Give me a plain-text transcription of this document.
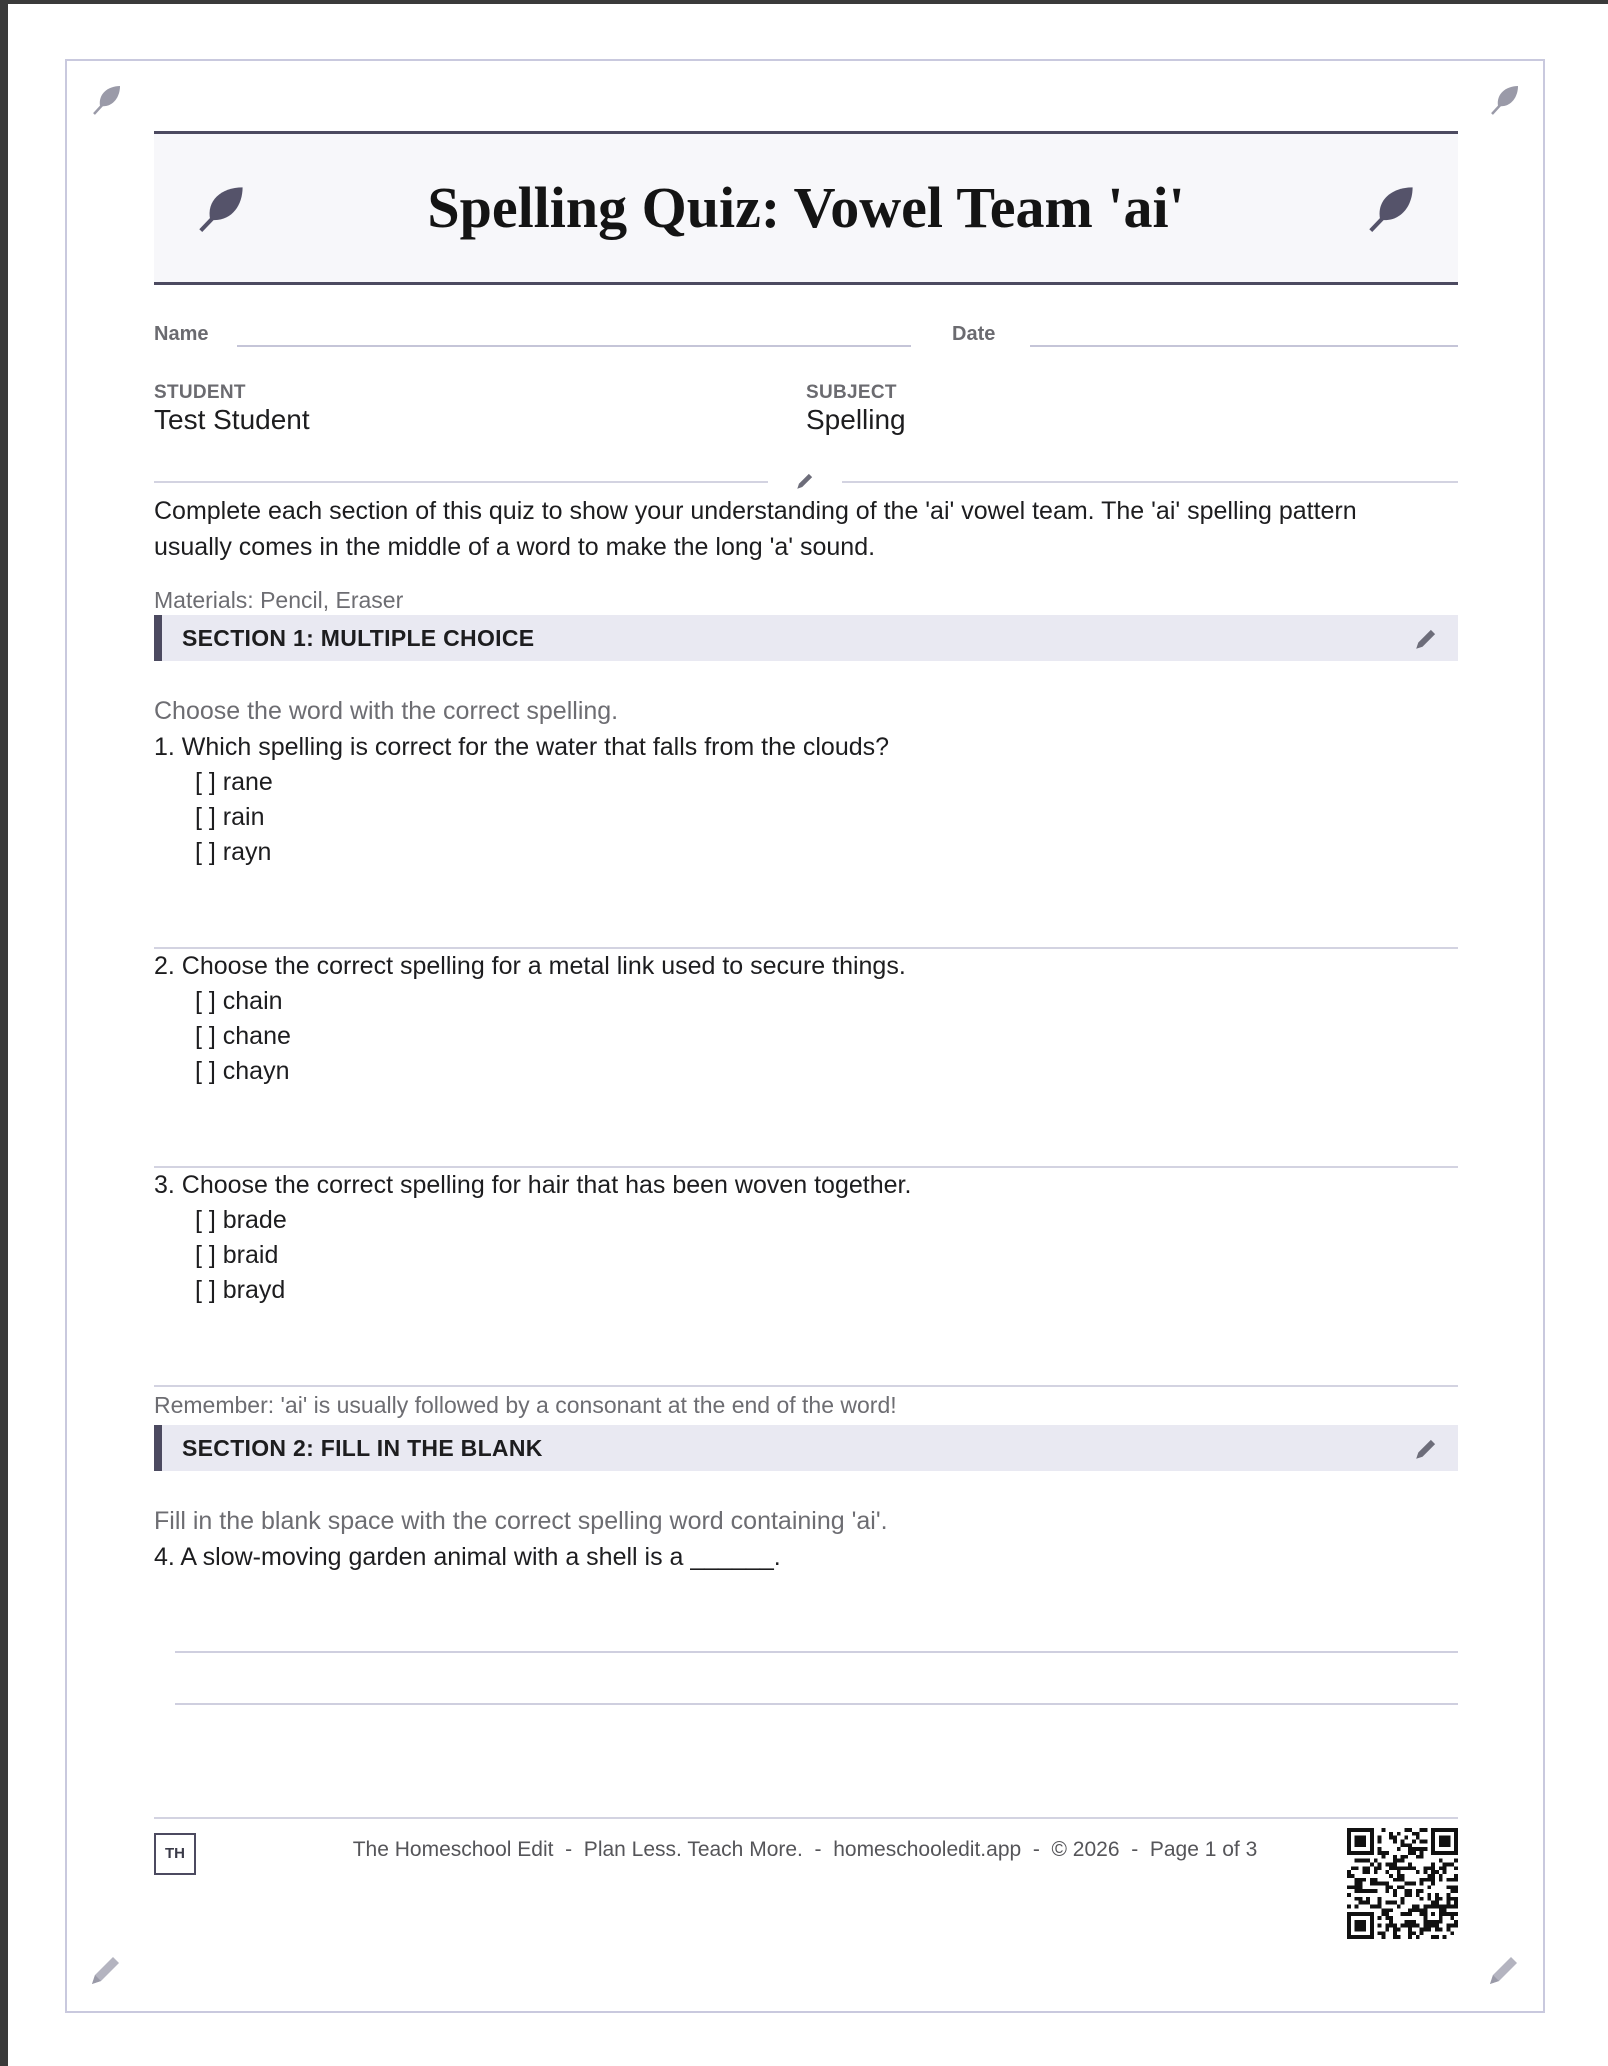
Spelling Quiz: Vowel Team 'ai'
Name	Date
STUDENT
Test Student
SUBJECT
Spelling
Complete each section of this quiz to show your understanding of the 'ai' vowel team. The 'ai' spelling pattern
usually comes in the middle of a word to make the long 'a' sound.
Materials: Pencil, Eraser
SECTION 1: MULTIPLE CHOICE
Choose the word with the correct spelling.
1. Which spelling is correct for the water that falls from the clouds?
[ ] rane
[ ] rain
[ ] rayn
2. Choose the correct spelling for a metal link used to secure things.
[ ] chain
[ ] chane
[ ] chayn
3. Choose the correct spelling for hair that has been woven together.
[ ] brade
[ ] braid
[ ] brayd
Remember: 'ai' is usually followed by a consonant at the end of the word!
SECTION 2: FILL IN THE BLANK
Fill in the blank space with the correct spelling word containing 'ai'.
4. A slow-moving garden animal with a shell is a ______.
TH	The Homeschool Edit  -  Plan Less. Teach More.  -  homeschooledit.app  -  © 2026  -  Page 1 of 3
